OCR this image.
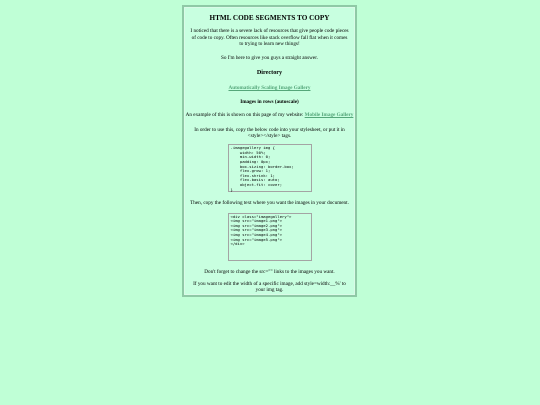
HTML CODE SEGMENTS TO COPY
I noticed that there is a severe lack of resources that give people code pieces of code to copy. Often resources like stack overflow fall flat when it comes to trying to learn new things!
So I'm here to give you guys a straight answer.
Directory
Automatically Scaling Image Gallery
Images in rows (autoscale)
An example of this is shown on this page of my website: Mobile Image Gallery
In order to use this, copy the below code into your stylesheet, or put it in <style></style> tags.
.imagegallery img {
width: 50%;
min-width: 0;
padding: 0px;
box-sizing: border-box;
flex-grow: 1;
flex-shrink: 1;
flex-basis: auto;
object-fit: cover;
}
Then, copy the following text where you want the images in your document.
<div class="imagegallery">
<img src="image1.png">
<img src="image2.png">
<img src="image3.png">
<img src="image4.png">
<img src="image5.png">
</div>
Don't forget to change the src="" links to the images you want.
If you want to edit the width of a specific image, add style=width:__%' to your img tag.
